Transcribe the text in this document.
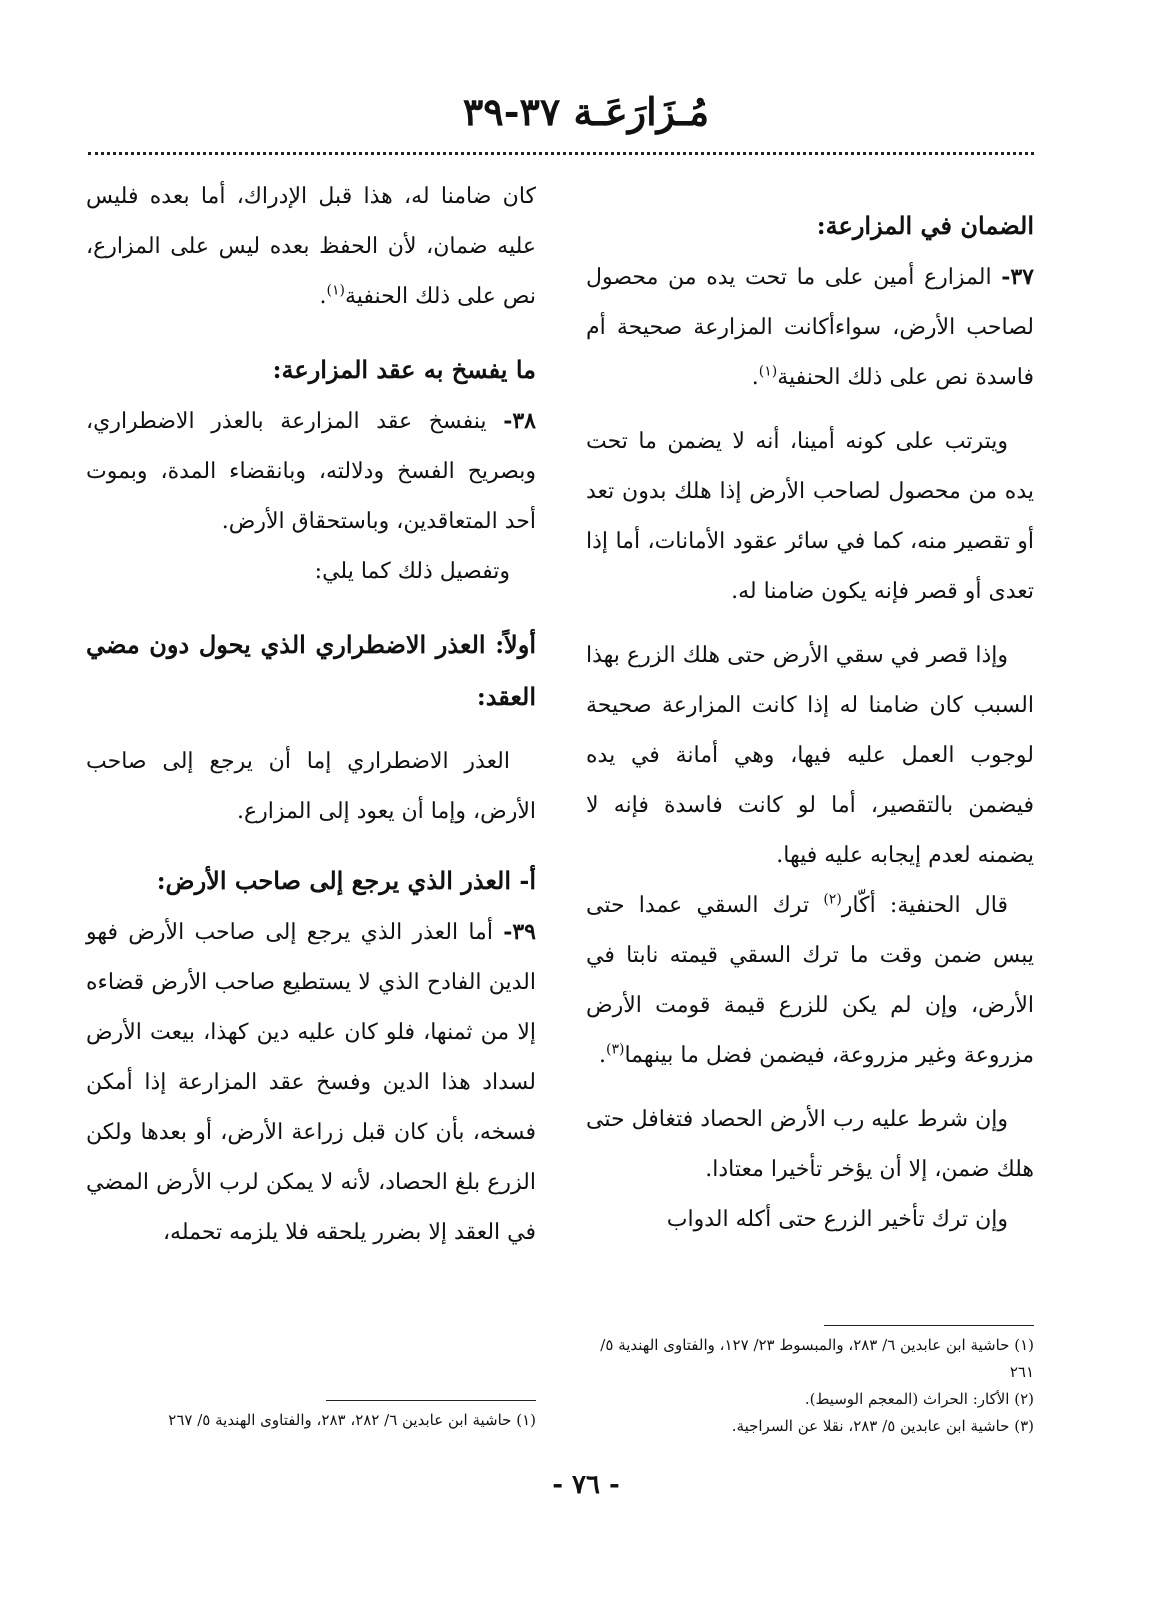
مُـزَارَعَـة ٣٧-٣٩
الضمان في المزارعة:

٣٧- المزارع أمين على ما تحت يده من محصول لصاحب الأرض، سواءأكانت المزارعة صحيحة أم فاسدة نص على ذلك الحنفية$^{(١)}$.

ويترتب على كونه أمينا، أنه لا يضمن ما تحت يده من محصول لصاحب الأرض إذا هلك بدون تعد أو تقصير منه، كما في سائر عقود الأمانات، أما إذا تعدى أو قصر فإنه يكون ضامنا له.

وإذا قصر في سقي الأرض حتى هلك الزرع بهذا السبب كان ضامنا له إذا كانت المزارعة صحيحة لوجوب العمل عليه فيها، وهي أمانة في يده فيضمن بالتقصير، أما لو كانت فاسدة فإنه لا يضمنه لعدم إيجابه عليه فيها.

قال الحنفية: أكّار$^{(٢)}$ ترك السقي عمدا حتى يبس ضمن وقت ما ترك السقي قيمته نابتا في الأرض، وإن لم يكن للزرع قيمة قومت الأرض مزروعة وغير مزروعة، فيضمن فضل ما بينهما$^{(٣)}$.

وإن شرط عليه رب الأرض الحصاد فتغافل حتى هلك ضمن، إلا أن يؤخر تأخيرا معتادا.

وإن ترك تأخير الزرع حتى أكله الدواب

كان ضامنا له، هذا قبل الإدراك، أما بعده فليس عليه ضمان، لأن الحفظ بعده ليس على المزارع، نص على ذلك الحنفية$^{(١)}$.

ما يفسخ به عقد المزارعة:

٣٨- ينفسخ عقد المزارعة بالعذر الاضطراري، وبصريح الفسخ ودلالته، وبانقضاء المدة، وبموت أحد المتعاقدين، وباستحقاق الأرض.

وتفصيل ذلك كما يلي:

أولاً: العذر الاضطراري الذي يحول دون مضي العقد:

العذر الاضطراري إما أن يرجع إلى صاحب الأرض، وإما أن يعود إلى المزارع.

أ- العذر الذي يرجع إلى صاحب الأرض:

٣٩- أما العذر الذي يرجع إلى صاحب الأرض فهو الدين الفادح الذي لا يستطيع صاحب الأرض قضاءه إلا من ثمنها، فلو كان عليه دين كهذا، بيعت الأرض لسداد هذا الدين وفسخ عقد المزارعة إذا أمكن فسخه، بأن كان قبل زراعة الأرض، أو بعدها ولكن الزرع بلغ الحصاد، لأنه لا يمكن لرب الأرض المضي في العقد إلا بضرر يلحقه فلا يلزمه تحمله،

(١) حاشية ابن عابدين ٦/ ٢٨٣، والمبسوط ٢٣/ ١٢٧، والفتاوى الهندية ٥/ ٢٦١

(٢) الأكار: الحراث (المعجم الوسيط).

(٣) حاشية ابن عابدين ٥/ ٢٨٣، نقلا عن السراجية.

(١) حاشية ابن عابدين ٦/ ٢٨٢، ٢٨٣، والفتاوى الهندية ٥/ ٢٦٧

- ٧٦ -
